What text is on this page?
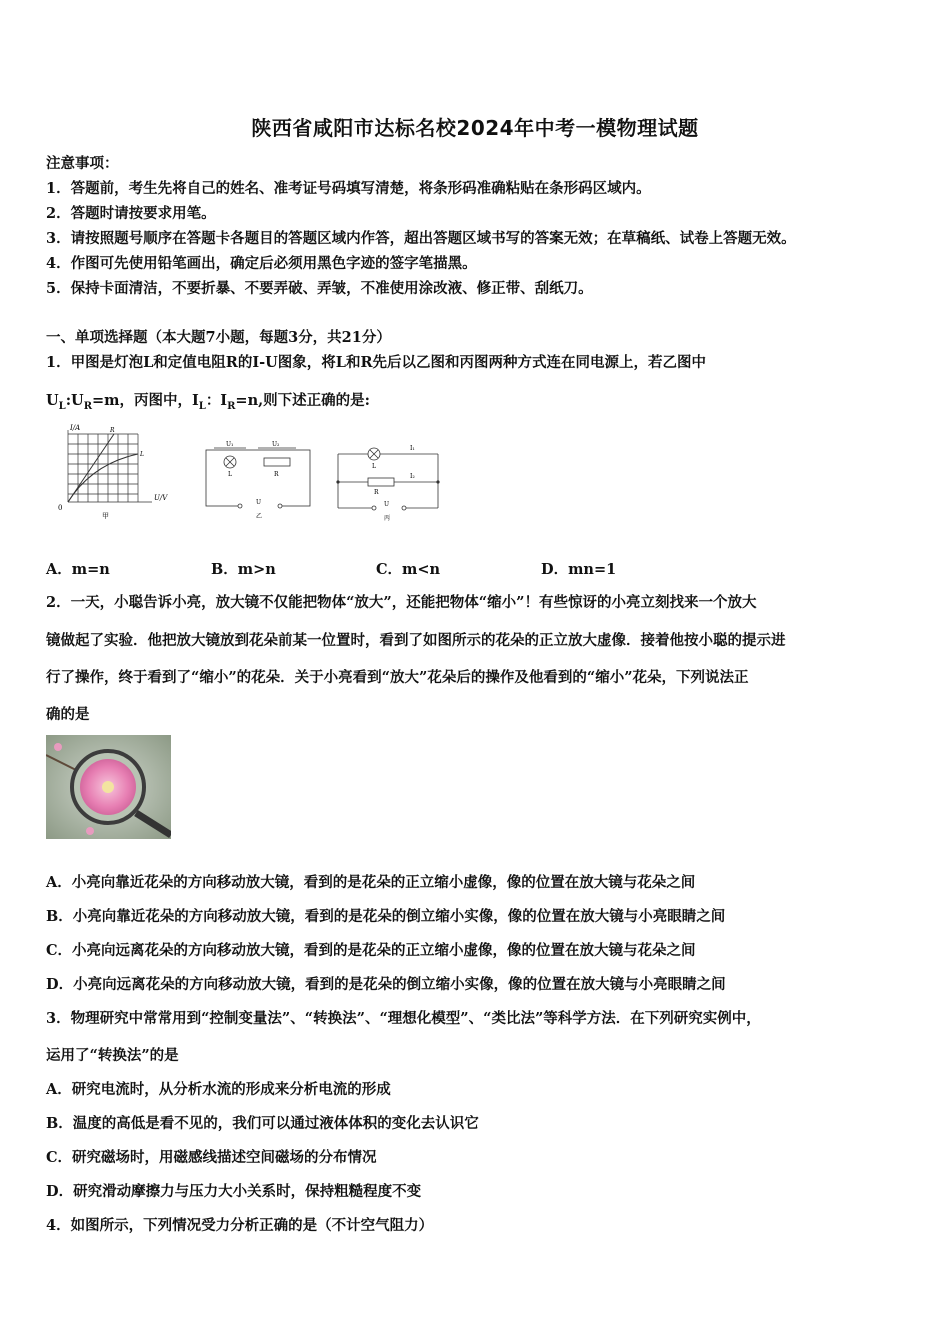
陕西省咸阳市达标名校2024年中考一模物理试题
注意事项：
1．答题前，考生先将自己的姓名、准考证号码填写清楚，将条形码准确粘贴在条形码区域内。
2．答题时请按要求用笔。
3．请按照题号顺序在答题卡各题目的答题区域内作答，超出答题区域书写的答案无效；在草稿纸、试卷上答题无效。
4．作图可先使用铅笔画出，确定后必须用黑色字迹的签字笔描黑。
5．保持卡面清洁，不要折暴、不要弄破、弄皱，不准使用涂改液、修正带、刮纸刀。
一、单项选择题（本大题7小题，每题3分，共21分）
1．甲图是灯泡L和定值电阻R的I-U图象，将L和R先后以乙图和丙图两种方式连在同电源上，若乙图中
$U_L:U_R=m$，丙图中，$I_L$：$I_R=n$,则下述正确的是:
I/A
U/V
0
R
L
甲
U₁	U₂
L	R
U
乙
L
R
I₁
I₂
U
丙
A．m=n	B．m>n	C．m<n	D．mn=1
2．一天，小聪告诉小亮，放大镜不仅能把物体“放大”，还能把物体“缩小”！有些惊讶的小亮立刻找来一个放大
镜做起了实验．他把放大镜放到花朵前某一位置时，看到了如图所示的花朵的正立放大虚像．接着他按小聪的提示进
行了操作，终于看到了“缩小”的花朵．关于小亮看到“放大”花朵后的操作及他看到的“缩小”花朵，下列说法正
确的是
A．小亮向靠近花朵的方向移动放大镜，看到的是花朵的正立缩小虚像，像的位置在放大镜与花朵之间
B．小亮向靠近花朵的方向移动放大镜，看到的是花朵的倒立缩小实像，像的位置在放大镜与小亮眼睛之间
C．小亮向远离花朵的方向移动放大镜，看到的是花朵的正立缩小虚像，像的位置在放大镜与花朵之间
D．小亮向远离花朵的方向移动放大镜，看到的是花朵的倒立缩小实像，像的位置在放大镜与小亮眼睛之间
3．物理研究中常常用到“控制变量法”、“转换法”、“理想化模型”、“类比法”等科学方法．在下列研究实例中，
运用了“转换法”的是
A．研究电流时，从分析水流的形成来分析电流的形成
B．温度的高低是看不见的，我们可以通过液体体积的变化去认识它
C．研究磁场时，用磁感线描述空间磁场的分布情况
D．研究滑动摩擦力与压力大小关系时，保持粗糙程度不变
4．如图所示，下列情况受力分析正确的是（不计空气阻力）
